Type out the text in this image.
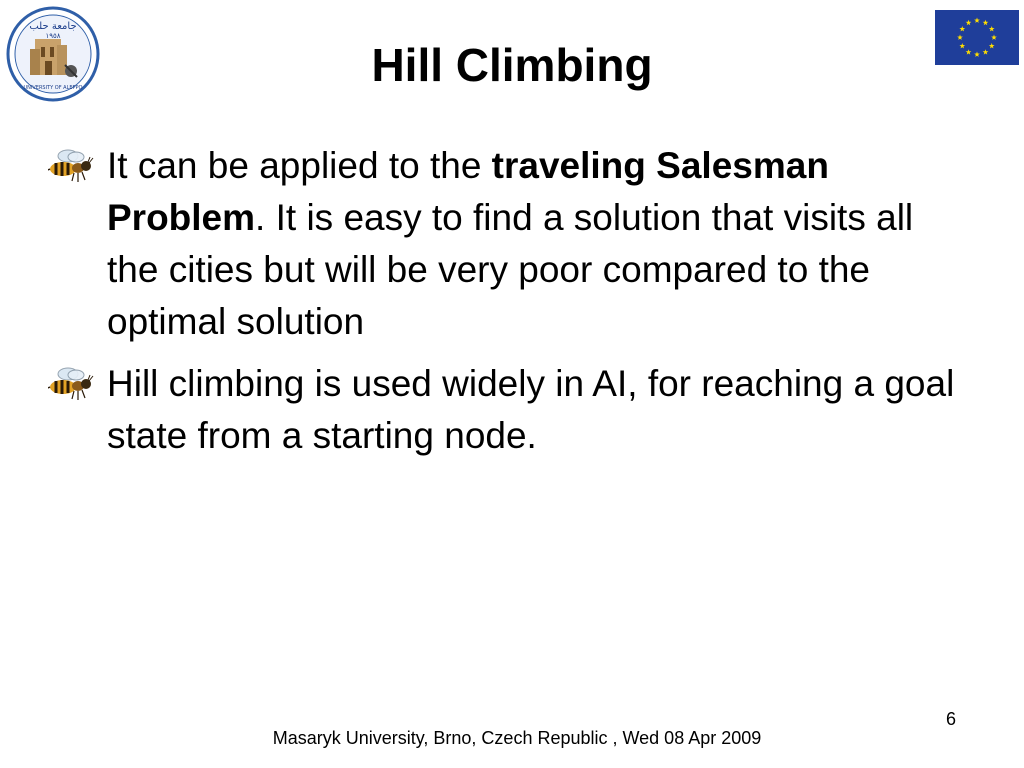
جامعة حلب
١٩٥٨
UNIVERSITY OF ALEPPO	Hill Climbing
It can be applied to the traveling Salesman Problem. It is easy to find a solution that visits all the cities but will be very poor compared to the optimal solution
Hill climbing is used widely in AI, for reaching a goal state from a starting node.
6
Masaryk University, Brno, Czech Republic , Wed 08 Apr 2009
